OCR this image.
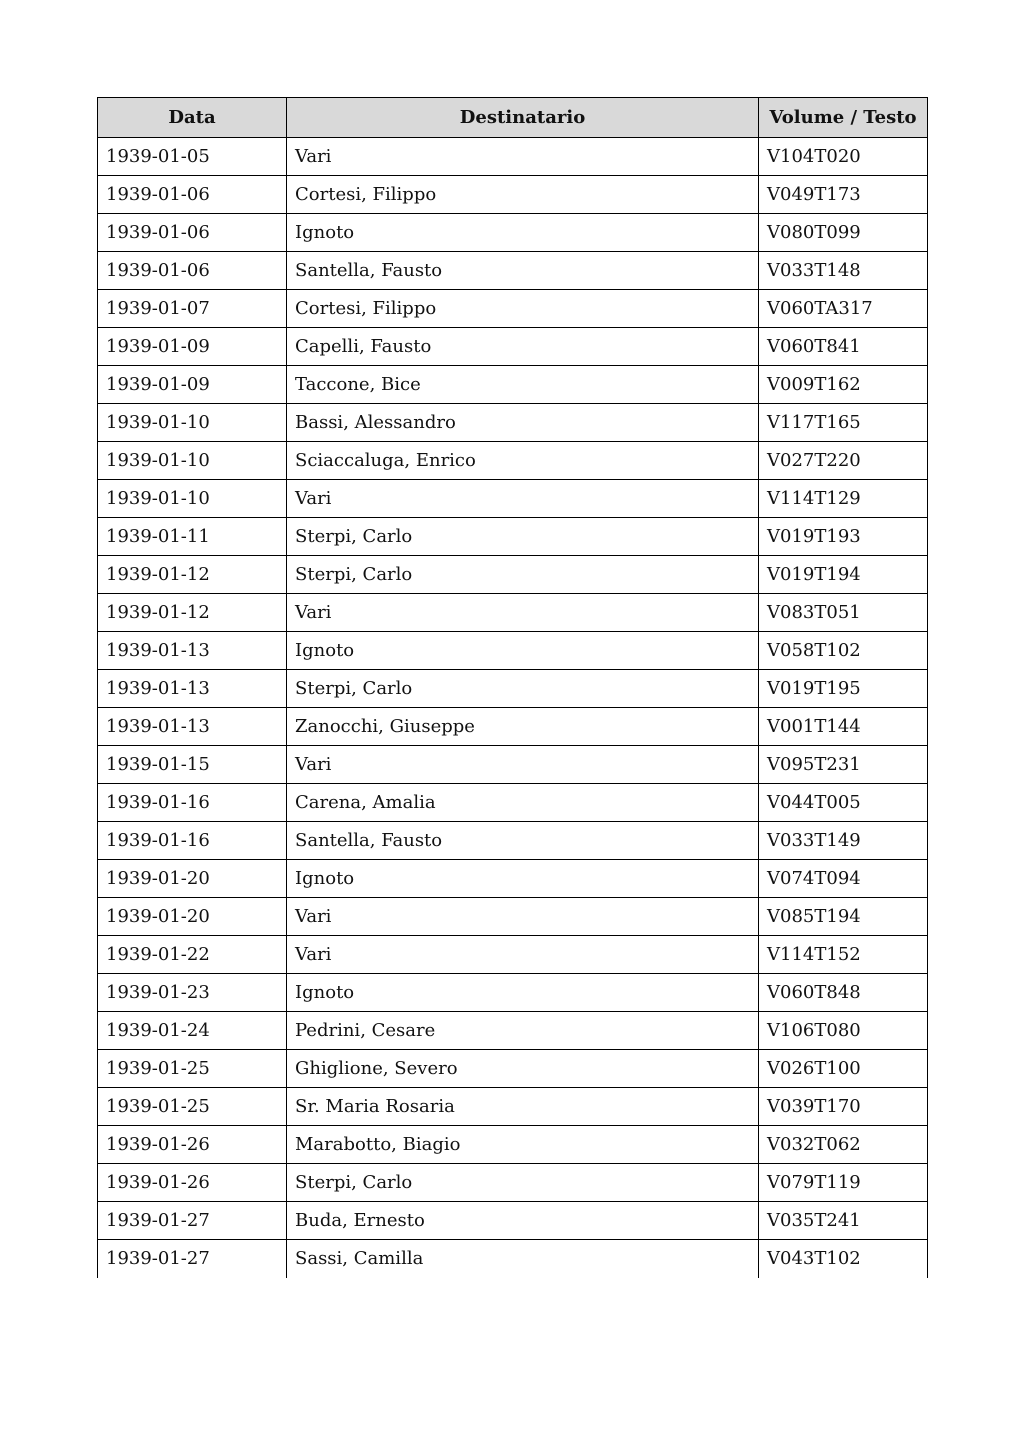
Data	Destinatario	Volume / Testo
1939-01-05	Vari	V104T020
1939-01-06	Cortesi, Filippo	V049T173
1939-01-06	Ignoto	V080T099
1939-01-06	Santella, Fausto	V033T148
1939-01-07	Cortesi, Filippo	V060TA317
1939-01-09	Capelli, Fausto	V060T841
1939-01-09	Taccone, Bice	V009T162
1939-01-10	Bassi, Alessandro	V117T165
1939-01-10	Sciaccaluga, Enrico	V027T220
1939-01-10	Vari	V114T129
1939-01-11	Sterpi, Carlo	V019T193
1939-01-12	Sterpi, Carlo	V019T194
1939-01-12	Vari	V083T051
1939-01-13	Ignoto	V058T102
1939-01-13	Sterpi, Carlo	V019T195
1939-01-13	Zanocchi, Giuseppe	V001T144
1939-01-15	Vari	V095T231
1939-01-16	Carena, Amalia	V044T005
1939-01-16	Santella, Fausto	V033T149
1939-01-20	Ignoto	V074T094
1939-01-20	Vari	V085T194
1939-01-22	Vari	V114T152
1939-01-23	Ignoto	V060T848
1939-01-24	Pedrini, Cesare	V106T080
1939-01-25	Ghiglione, Severo	V026T100
1939-01-25	Sr. Maria Rosaria	V039T170
1939-01-26	Marabotto, Biagio	V032T062
1939-01-26	Sterpi, Carlo	V079T119
1939-01-27	Buda, Ernesto	V035T241
1939-01-27	Sassi, Camilla	V043T102
